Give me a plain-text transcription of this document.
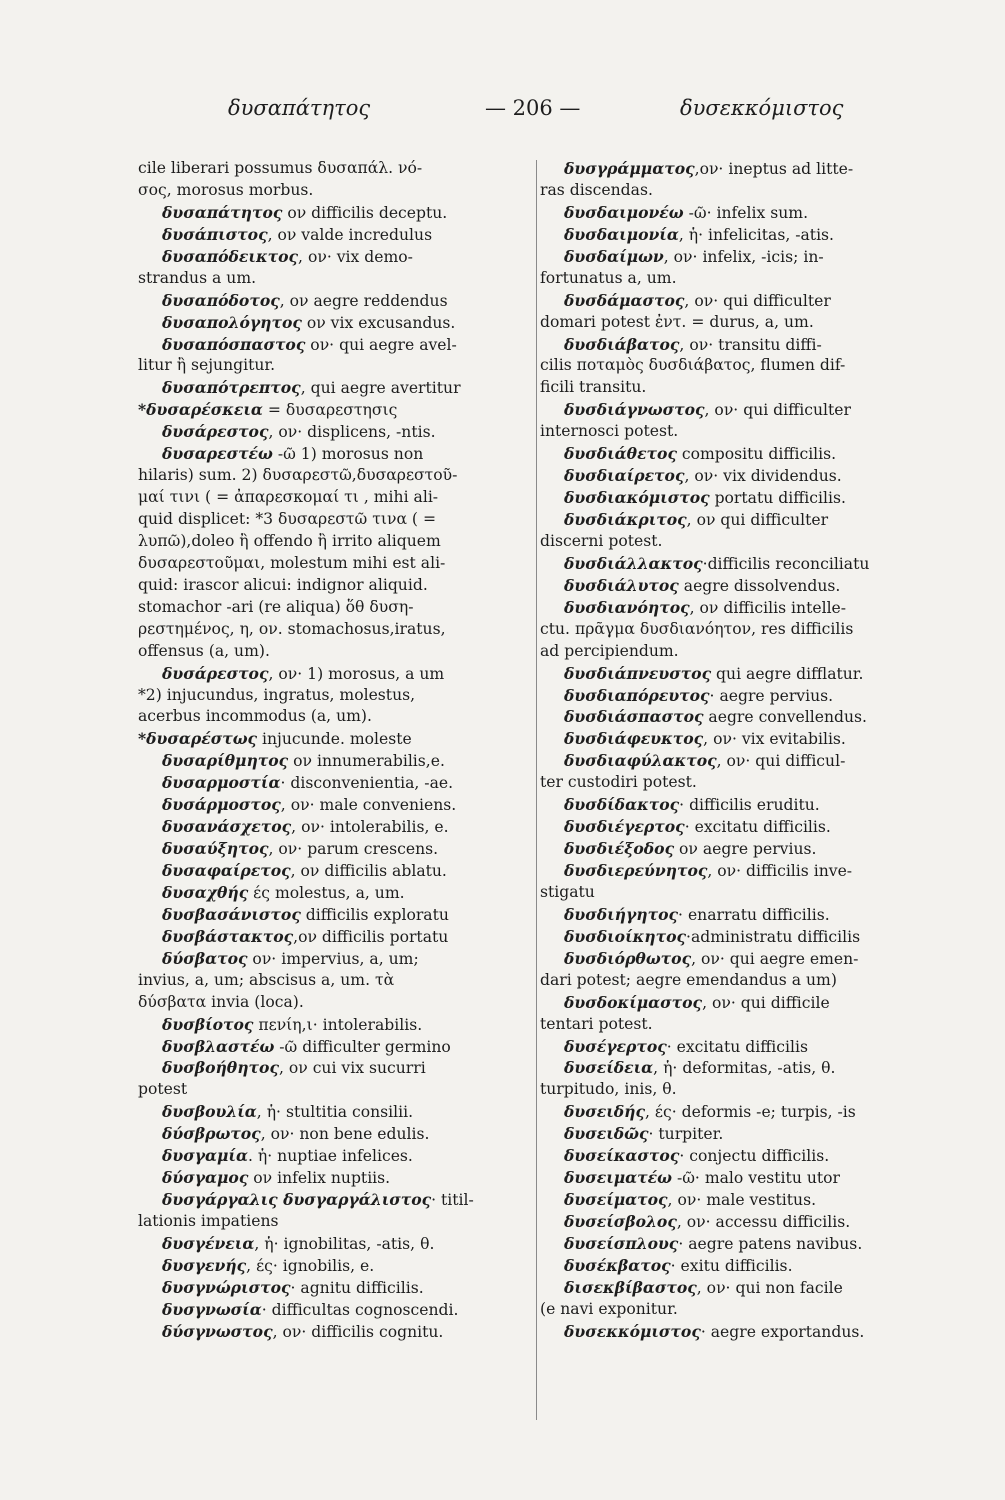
δυσαπάτητος	— 206 —	δυσεκκόμιστος
cile liberari possumus δυσαπάλ. νό-
σος, morosus morbus.
δυσαπάτητος ον difficilis deceptu.
δυσάπιστος, ον valde incredulus
δυσαπόδεικτος, ον· vix demo-
strandus a um.
δυσαπόδοτος, ον aegre reddendus
δυσαπολόγητος ον vix excusandus.
δυσαπόσπαστος ον· qui aegre avel-
litur ἢ sejungitur.
δυσαπότρεπτος, qui aegre avertitur
*δυσαρέσκεια = δυσαρεστησις
δυσάρεστος, ον· displicens, -ntis.
δυσαρεστέω -ῶ 1) morosus non
hilaris) sum. 2) δυσαρεστῶ,δυσαρεστοῦ-
μαί τινι ( = ἀπαρεσκομαί τι , mihi ali-
quid displicet: *3 δυσαρεστῶ τινα ( =
λυπῶ),doleo ἢ offendo ἢ irrito aliquem
δυσαρεστοῦμαι, molestum mihi est ali-
quid: irascor alicui: indignor aliquid.
stomachor -ari (re aliqua) ὅθ δυση-
ρεστημένος, η, ον. stomachosus,iratus,
offensus (a, um).
δυσάρεστος, ον· 1) morosus, a um
*2) injucundus, ingratus, molestus,
acerbus incommodus (a, um).
*δυσαρέστως injucunde. moleste
δυσαρίθμητος ον innumerabilis,e.
δυσαρμοστία· disconvenientia, -ae.
δυσάρμοστος, ον· male conveniens.
δυσανάσχετος, ον· intolerabilis, e.
δυσαύξητος, ον· parum crescens.
δυσαφαίρετος, ον difficilis ablatu.
δυσαχθής ές molestus, a, um.
δυσβασάνιστος difficilis exploratu
δυσβάστακτος,ον difficilis portatu
δύσβατος ον· impervius, a, um;
invius, a, um; abscisus a, um. τὰ
δύσβατα invia (loca).
δυσβίοτος πενίη,ι· intolerabilis.
δυσβλαστέω -ῶ difficulter germino
δυσβοήθητος, ον cui vix sucurri
potest
δυσβουλία, ἡ· stultitia consilii.
δύσβρωτος, ον· non bene edulis.
δυσγαμία. ἡ· nuptiae infelices.
δύσγαμος ον infelix nuptiis.
δυσγάργαλις δυσγαργάλιστος· titil-
lationis impatiens
δυσγένεια, ἡ· ignobilitas, -atis, θ.
δυσγενής, ές· ignobilis, e.
δυσγνώριστος· agnitu difficilis.
δυσγνωσία· difficultas cognoscendi.
δύσγνωστος, ον· difficilis cognitu.
δυσγράμματος,ον· ineptus ad litte-
ras discendas.
δυσδαιμονέω -ῶ· infelix sum.
δυσδαιμονία, ἡ· infelicitas, -atis.
δυσδαίμων, ον· infelix, -icis; in-
fortunatus a, um.
δυσδάμαστος, ον· qui difficulter
domari potest ἐντ. = durus, a, um.
δυσδιάβατος, ον· transitu diffi-
cilis ποταμὸς δυσδιάβατος, flumen dif-
ficili transitu.
δυσδιάγνωστος, ον· qui difficulter
internosci potest.
δυσδιάθετος compositu difficilis.
δυσδιαίρετος, ον· vix dividendus.
δυσδιακόμιστος portatu difficilis.
δυσδιάκριτος, ον qui difficulter
discerni potest.
δυσδιάλλακτος·difficilis reconciliatu
δυσδιάλυτος aegre dissolvendus.
δυσδιανόητος, ον difficilis intelle-
ctu. πρᾶγμα δυσδιανόητον, res difficilis
ad percipiendum.
δυσδιάπνευστος qui aegre difflatur.
δυσδιαπόρευτος· aegre pervius.
δυσδιάσπαστος aegre convellendus.
δυσδιάφευκτος, ον· vix evitabilis.
δυσδιαφύλακτος, ον· qui difficul-
ter custodiri potest.
δυσδίδακτος· difficilis eruditu.
δυσδιέγερτος· excitatu difficilis.
δυσδιέξοδος ον aegre pervius.
δυσδιερεύνητος, ον· difficilis inve-
stigatu
δυσδιήγητος· enarratu difficilis.
δυσδιοίκητος·administratu difficilis
δυσδιόρθωτος, ον· qui aegre emen-
dari potest; aegre emendandus a um)
δυσδοκίμαστος, ον· qui difficile
tentari potest.
δυσέγερτος· excitatu difficilis
δυσείδεια, ἡ· deformitas, -atis, θ.
turpitudo, inis, θ.
δυσειδής, ές· deformis -e; turpis, -is
δυσειδῶς· turpiter.
δυσείκαστος· conjectu difficilis.
δυσειματέω -ῶ· malo vestitu utor
δυσείματος, ον· male vestitus.
δυσείσβολος, ον· accessu difficilis.
δυσείσπλους· aegre patens navibus.
δυσέκβατος· exitu difficilis.
δισεκβίβαστος, ον· qui non facile
(e navi exponitur.
δυσεκκόμιστος· aegre exportandus.
